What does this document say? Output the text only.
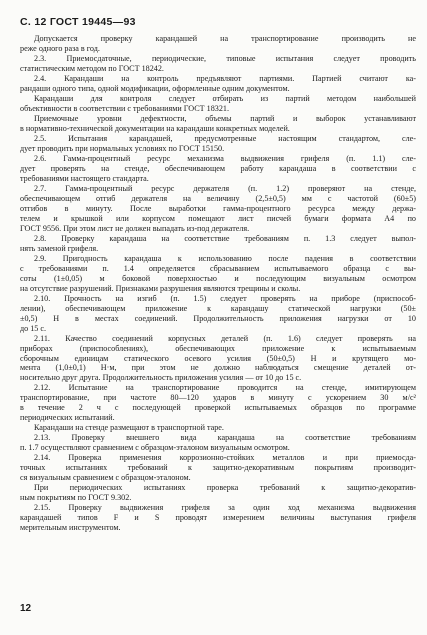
С. 12 ГОСТ 19445—93
Допускается проверку карандашей на транспортирование производить не
реже одного раза в год.
2.3. Приемосдаточные, периодические, типовые испытания следует проводить
статистическим методом по ГОСТ 18242.
2.4. Карандаши на контроль предъявляют партиями. Партией считают ка-
рандаши одного типа, одной модификации, оформленные одним документом.
Карандаши для контроля следует отбирать из партий методом наибольшей
объективности в соответствии с требованиями ГОСТ 18321.
Приемочные уровни дефектности, объемы партий и выборок устанавливают
в нормативно-технической документации на карандаши конкретных моделей.
2.5. Испытания карандашей, предусмотренные настоящим стандартом, сле-
дует проводить при нормальных условиях по ГОСТ 15150.
2.6. Гамма-процентный ресурс механизма выдвижения грифеля (п. 1.1) сле-
дует проверять на стенде, обеспечивающем работу карандаша в соответствии с
требованиями настоящего стандарта.
2.7. Гамма-процентный ресурс держателя (п. 1.2) проверяют на стенде,
обеспечивающем отгиб держателя на величину (2,5±0,5) мм с частотой (60±5)
отгибов в минуту. После выработки гамма-процентного ресурса между держа-
телем и крышкой или корпусом помещают лист писчей бумаги формата А4 по
ГОСТ 9556. При этом лист не должен выпадать из-под держателя.
2.8. Проверку карандаша на соответствие требованиям п. 1.3 следует выпол-
нять заменой грифеля.
2.9. Пригодность карандаша к использованию после падения в соответствии
с требованиями п. 1.4 определяется сбрасыванием испытываемого образца с вы-
соты (1±0,05) м боковой поверхностью и последующим визуальным осмотром
на отсутствие разрушений. Признаками разрушения являются трещины и сколы.
2.10. Прочность на изгиб (п. 1.5) следует проверять на приборе (приспособ-
лении), обеспечивающем приложение к карандашу статической нагрузки (50±
±0,5) Н в местах соединений. Продолжительность приложения нагрузки от 10
до 15 с.
2.11. Качество соединений корпусных деталей (п. 1.6) следует проверять на
приборах (приспособлениях), обеспечивающих приложение к испытываемым
сборочным единицам статического осевого усилия (50±0,5) Н и крутящего мо-
мента (1,0±0,1) Н·м, при этом не должно наблюдаться смещение деталей от-
носительно друг друга. Продолжительность приложения усилия — от 10 до 15 с.
2.12. Испытание на транспортирование проводится на стенде, имитирующем
транспортирование, при частоте 80—120 ударов в минуту с ускорением 30 м/с²
в течение 2 ч с последующей проверкой испытываемых образцов по программе
периодических испытаний.
Карандаши на стенде размещают в транспортной таре.
2.13. Проверку внешнего вида карандаша на соответствие требованиям
п. 1.7 осуществляют сравнением с образцом-эталоном визуальным осмотром.
2.14. Проверка применения коррозионно-стойких металлов и при приемосда-
точных испытаниях требований к защитно-декоративным покрытиям производит-
ся визуальным сравнением с образцом-эталоном.
При периодических испытаниях проверка требований к защитно-декоратив-
ным покрытиям по ГОСТ 9.302.
2.15. Проверку выдвижения грифеля за один ход механизма выдвижения
карандашей типов F и S проводят измерением величины выступания грифеля
мерительным инструментом.
12
